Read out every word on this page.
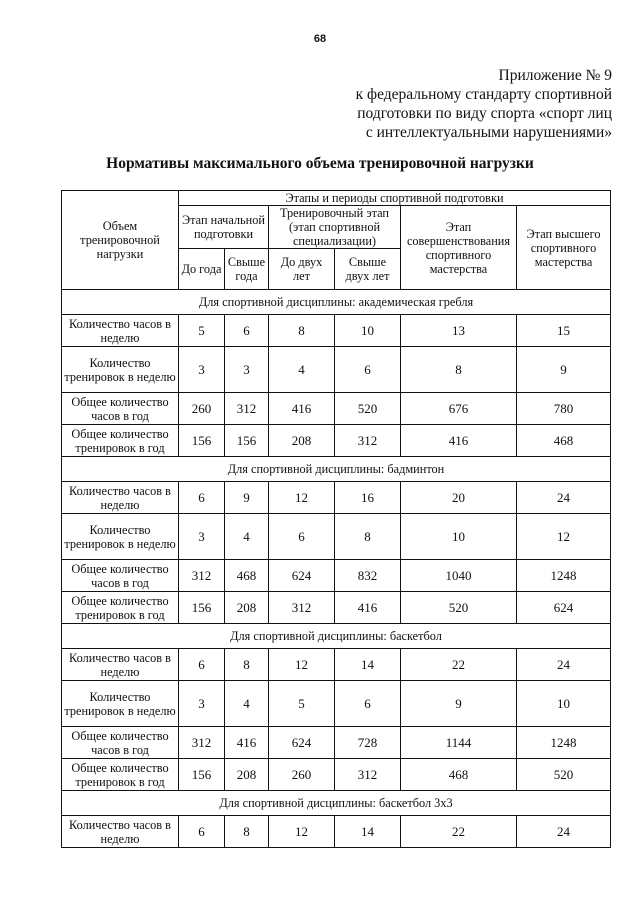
68
Приложение № 9
к федеральному стандарту спортивной
подготовки по виду спорта «спорт лиц
с интеллектуальными нарушениями»
Нормативы максимального объема тренировочной нагрузки
Объем тренировочной нагрузки	Этапы и периоды спортивной подготовки					
	Этап начальной подготовки		Тренировочный этап (этап спортивной специализации)		Этап совершенствования спортивного мастерства	Этап высшего спортивного мастерства
	До года	Свыше года	До двух лет	Свыше двух лет		
Для спортивной дисциплины: академическая гребля						
Количество часов в неделю	5	6	8	10	13	15
Количество тренировок в неделю	3	3	4	6	8	9
Общее количество часов в год	260	312	416	520	676	780
Общее количество тренировок в год	156	156	208	312	416	468
Для спортивной дисциплины: бадминтон						
Количество часов в неделю	6	9	12	16	20	24
Количество тренировок в неделю	3	4	6	8	10	12
Общее количество часов в год	312	468	624	832	1040	1248
Общее количество тренировок в год	156	208	312	416	520	624
Для спортивной дисциплины: баскетбол						
Количество часов в неделю	6	8	12	14	22	24
Количество тренировок в неделю	3	4	5	6	9	10
Общее количество часов в год	312	416	624	728	1144	1248
Общее количество тренировок в год	156	208	260	312	468	520
Для спортивной дисциплины: баскетбол 3х3						
Количество часов в неделю	6	8	12	14	22	24
